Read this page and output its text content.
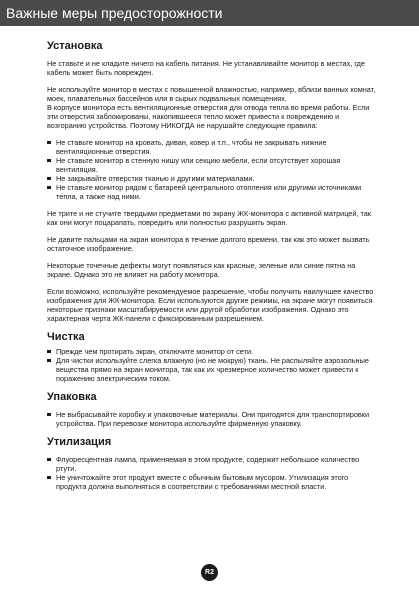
Важные меры предосторожности
Установка

Не ставьте и не кладите ничего на кабель питания. Не устанавливайте монитор в местах, где кабель может быть поврежден.

Не используйте монитор в местах с повышенной влажностью, например, вблизи ванных комнат, моек, плавательных бассейнов или в сырых подвальных помещениях.

В корпусе монитора есть вентиляционные отверстия для отвода тепла во время работы. Если эти отверстия заблокированы, накопившееся тепло может привести к повреждению и возгоранию устройства. Поэтому НИКОГДА не нарушайте следующие правила:

Не ставьте монитор на кровать, диван, ковер и т.п., чтобы не закрывать нижние вентиляционные отверстия.
Не ставьте монитор в стенную нишу или секцию мебели, если отсутствует хорошая вентиляция.
Не закрывайте отверстия тканью и другими материалами.
Не ставьте монитор рядом с батареей центрального отопления или другими источниками тепла, а также над ними.

Не трите и не стучите твердыми предметами по экрану ЖК-монитора с активной матрицей, так как они могут поцарапать, повредить или полностью разрушить экран.

Не давите пальцами на экран монитора в течение долгого времени, так как это может вызвать остаточное изображение.

Некоторые точечные дефекты могут появляться как красные, зеленые или синие пятна на экране. Однако это не влияет на работу монитора.

Если возможно, используйте рекомендуемое разрешение, чтобы получить наилучшее качество изображения для ЖК-монитора. Если используются другие режимы, на экране могут появиться некоторые признаки масштабируемости или другой обработки изображения. Однако это характерная черта ЖК-панели с фиксированным разрешением.

Чистка
Прежде чем протирать экран, отключите монитор от сети.
Для чистки используйте слегка влажную (но не мокрую) ткань. Не распыляйте аэрозольные вещества прямо на экран монитора, так как их чрезмерное количество может привести к поражению электрическим током.
Упаковка
Не выбрасывайте коробку и упаковочные материалы. Они пригодятся для транспортировки устройства. При перевозке монитора используйте фирменную упаковку.
Утилизация
Флуоресцентная лампа, применяемая в этом продукте, содержит небольшое количество ртути.
Не уничтожайте этот продукт вместе с обычным бытовым мусором. Утилизация этого продукта должна выполняться в соответствии с требованиями местной власти.
R2
